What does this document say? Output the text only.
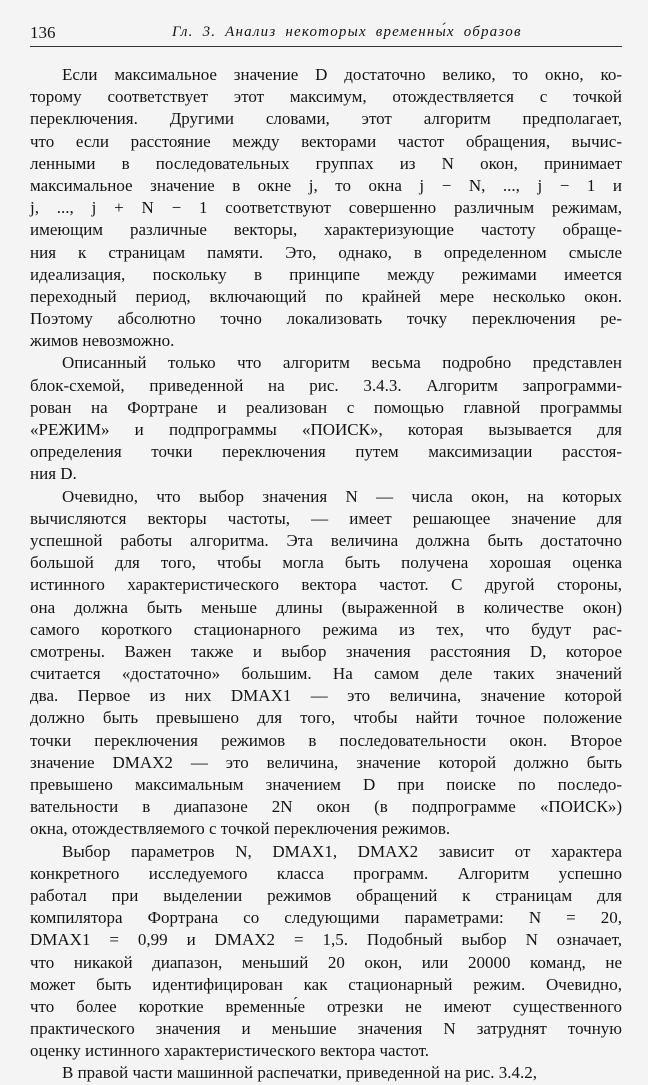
136	Гл. 3. Анализ некоторых временны́х образов
Если максимальное значение D достаточно велико, то окно, ко-
торому соответствует этот максимум, отождествляется с точкой
переключения. Другими словами, этот алгоритм предполагает,
что если расстояние между векторами частот обращения, вычис-
ленными в последовательных группах из N окон, принимает
максимальное значение в окне j, то окна j − N, ..., j − 1 и
j, ..., j + N − 1 соответствуют совершенно различным режимам,
имеющим различные векторы, характеризующие частоту обраще-
ния к страницам памяти. Это, однако, в определенном смысле
идеализация, поскольку в принципе между режимами имеется
переходный период, включающий по крайней мере несколько окон.
Поэтому абсолютно точно локализовать точку переключения ре-
жимов невозможно.
Описанный только что алгоритм весьма подробно представлен
блок-схемой, приведенной на рис. 3.4.3. Алгоритм запрограмми-
рован на Фортране и реализован с помощью главной программы
«РЕЖИМ» и подпрограммы «ПОИСК», которая вызывается для
определения точки переключения путем максимизации расстоя-
ния D.
Очевидно, что выбор значения N — числа окон, на которых
вычисляются векторы частоты, — имеет решающее значение для
успешной работы алгоритма. Эта величина должна быть достаточно
большой для того, чтобы могла быть получена хорошая оценка
истинного характеристического вектора частот. С другой стороны,
она должна быть меньше длины (выраженной в количестве окон)
самого короткого стационарного режима из тех, что будут рас-
смотрены. Важен также и выбор значения расстояния D, которое
считается «достаточно» большим. На самом деле таких значений
два. Первое из них DMAX1 — это величина, значение которой
должно быть превышено для того, чтобы найти точное положение
точки переключения режимов в последовательности окон. Второе
значение DMAX2 — это величина, значение которой должно быть
превышено максимальным значением D при поиске по последо-
вательности в диапазоне 2N окон (в подпрограмме «ПОИСК»)
окна, отождествляемого с точкой переключения режимов.
Выбор параметров N, DMAX1, DMAX2 зависит от характера
конкретного исследуемого класса программ. Алгоритм успешно
работал при выделении режимов обращений к страницам для
компилятора Фортрана со следующими параметрами: N = 20,
DMAX1 = 0,99 и DMAX2 = 1,5. Подобный выбор N означает,
что никакой диапазон, меньший 20 окон, или 20000 команд, не
может быть идентифицирован как стационарный режим. Очевидно,
что более короткие временны́е отрезки не имеют существенного
практического значения и меньшие значения N затруднят точную
оценку истинного характеристического вектора частот.
В правой части машинной распечатки, приведенной на рис. 3.4.2,
